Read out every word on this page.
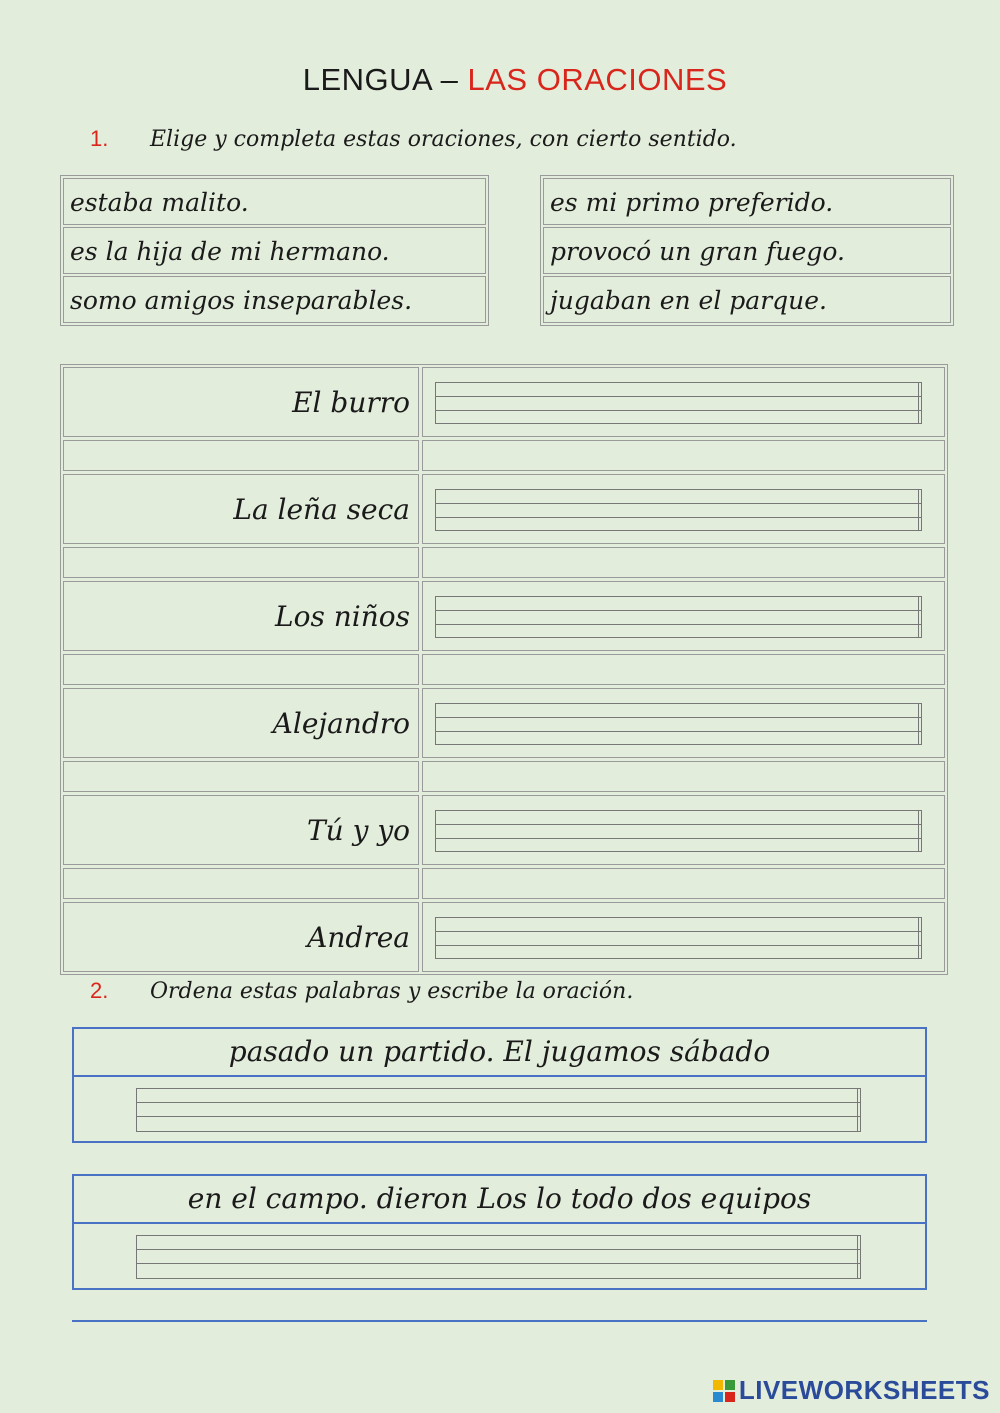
LENGUA – LAS ORACIONES
1. Elige y completa estas oraciones, con cierto sentido.
estaba malito.
es la hija de mi hermano.
somo amigos inseparables.
es mi primo preferido.
provocó un gran fuego.
jugaban en el parque.
El burro
La leña seca
Los niños
Alejandro
Tú y yo
Andrea
2. Ordena estas palabras y escribe la oración.
pasado un partido. El jugamos sábado
en el campo. dieron Los lo todo dos equipos
LIVEWORKSHEETS
